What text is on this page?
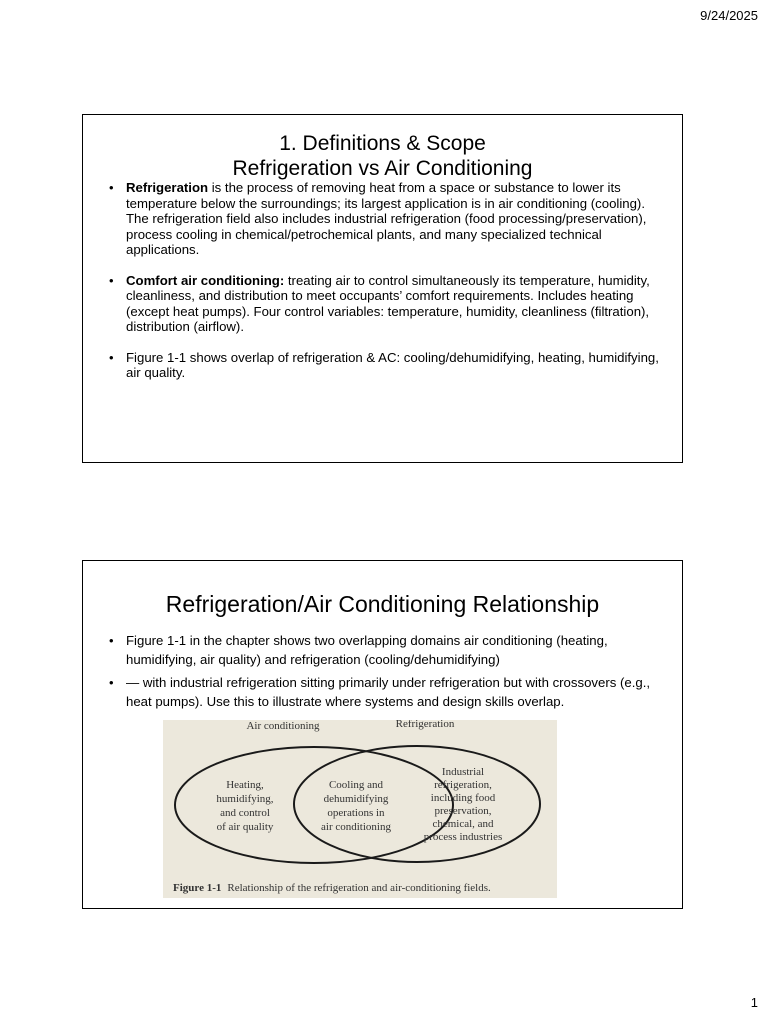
9/24/2025
1. Definitions & Scope
Refrigeration vs Air Conditioning
• Refrigeration is the process of removing heat from a space or substance to lower its temperature below the surroundings; its largest application is in air conditioning (cooling). The refrigeration field also includes industrial refrigeration (food processing/preservation), process cooling in chemical/petrochemical plants, and many specialized technical applications.
• Comfort air conditioning: treating air to control simultaneously its temperature, humidity, cleanliness, and distribution to meet occupants’ comfort requirements. Includes heating (except heat pumps). Four control variables: temperature, humidity, cleanliness (filtration), distribution (airflow).
• Figure 1-1 shows overlap of refrigeration & AC: cooling/dehumidifying, heating, humidifying, air quality.
Refrigeration/Air Conditioning Relationship
• Figure 1-1 in the chapter shows two overlapping domains air conditioning (heating, humidifying, air quality) and refrigeration (cooling/dehumidifying)
• — with industrial refrigeration sitting primarily under refrigeration but with crossovers (e.g., heat pumps). Use this to illustrate where systems and design skills overlap.
Air conditioning	Refrigeration
Heating,
humidifying,
and control
of air quality
Cooling and
dehumidifying
operations in
air conditioning
Industrial
refrigeration,
including food
preservation,
chemical, and
process industries
Figure 1-1 Relationship of the refrigeration and air-conditioning fields.
1
